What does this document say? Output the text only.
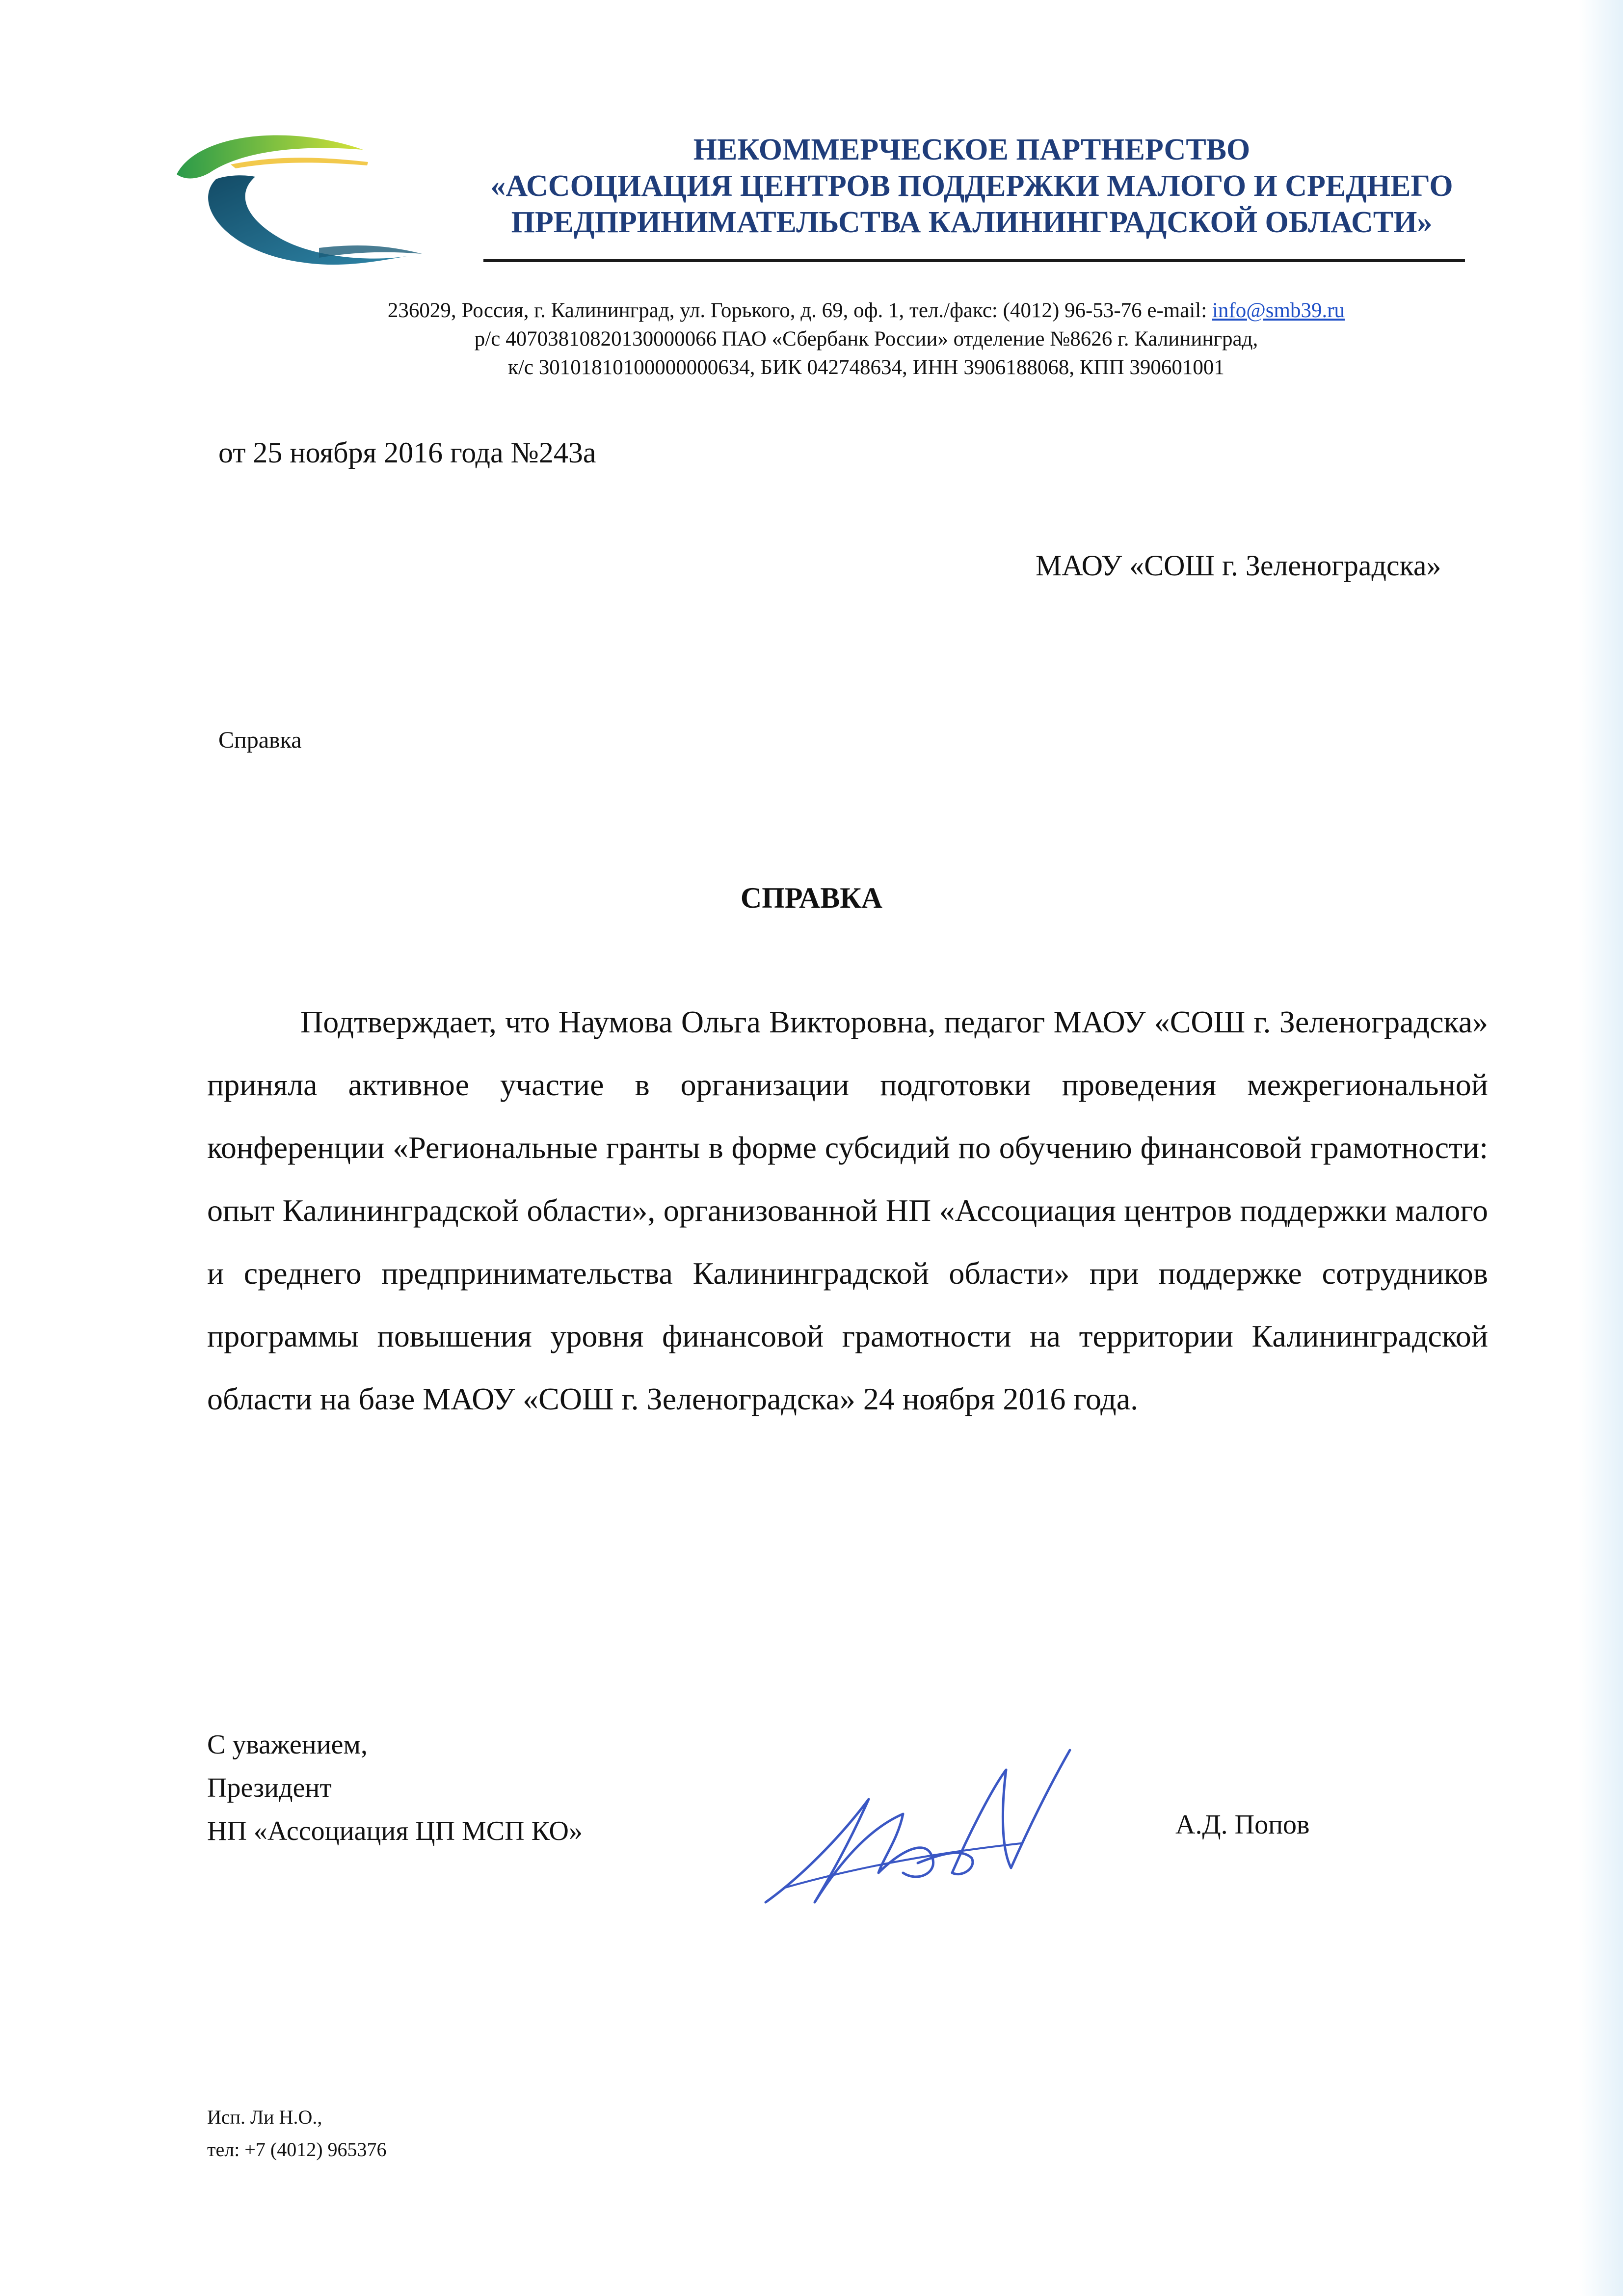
НЕКОММЕРЧЕСКОЕ ПАРТНЕРСТВО
«АССОЦИАЦИЯ ЦЕНТРОВ ПОДДЕРЖКИ МАЛОГО И СРЕДНЕГО
ПРЕДПРИНИМАТЕЛЬСТВА КАЛИНИНГРАДСКОЙ ОБЛАСТИ»
236029, Россия, г. Калининград, ул. Горького, д. 69, оф. 1, тел./факс: (4012) 96-53-76 e-mail: info@smb39.ru
р/с 40703810820130000066 ПАО «Сбербанк России» отделение №8626 г. Калининград,
к/с 30101810100000000634, БИК 042748634, ИНН 3906188068, КПП 390601001
от 25 ноября 2016 года №243а
МАОУ «СОШ г. Зеленоградска»
Справка
СПРАВКА

Подтверждает, что Наумова Ольга Викторовна, педагог МАОУ «СОШ г. Зеленоградска» приняла активное участие в организации подготовки проведения межрегиональной конференции «Региональные гранты в форме субсидий по обучению финансовой грамотности: опыт Калининградской области», организованной НП «Ассоциация центров поддержки малого и среднего предпринимательства Калининградской области» при поддержке сотрудников программы повышения уровня финансовой грамотности на территории Калининградской области на базе МАОУ «СОШ г. Зеленоградска» 24 ноября 2016 года.

С уважением,
Президент
НП «Ассоциация ЦП МСП КО»	А.Д. Попов
Исп. Ли Н.О.,
тел: +7 (4012) 965376
